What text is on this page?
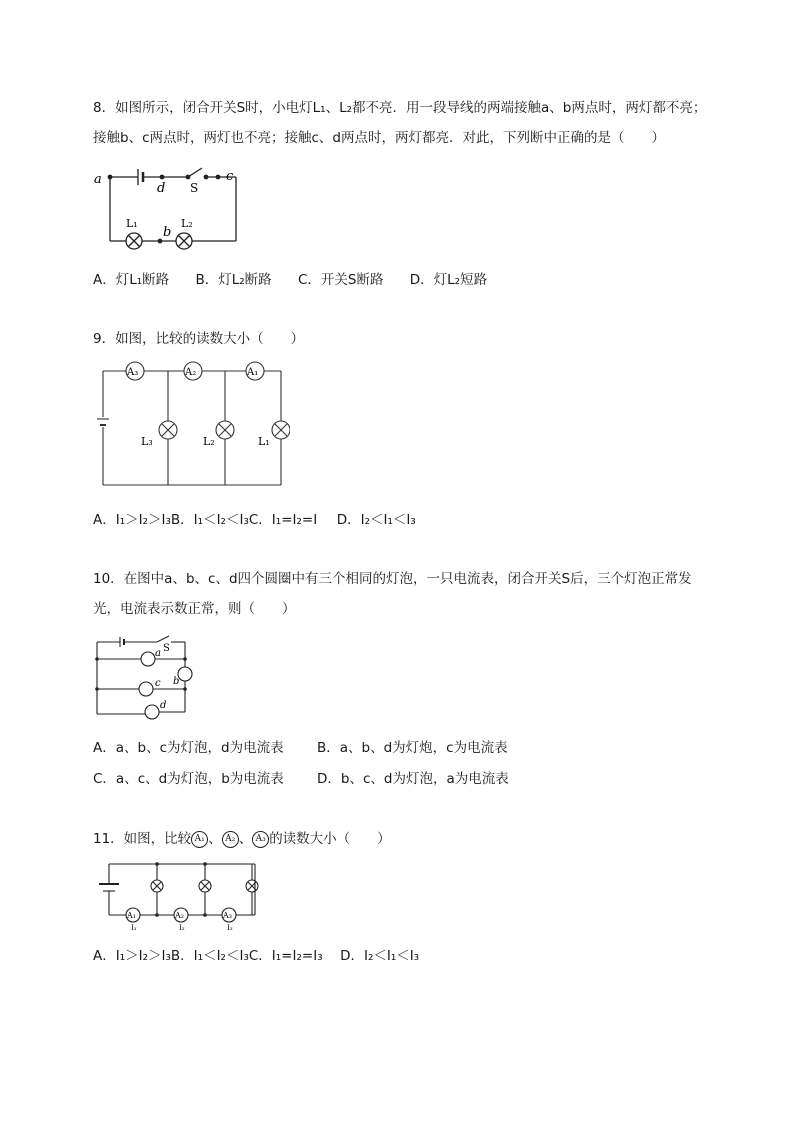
8．如图所示，闭合开关S时，小电灯L₁、L₂都不亮．用一段导线的两端接触a、b两点时，两灯都不亮；接触b、c两点时，两灯也不亮；接触c、d两点时，两灯都亮．对此，下列断中正确的是（　　）
a
d S
c
b
L₁	L₂
A．灯L₁断路 B．灯L₂断路 C．开关S断路 D．灯L₂短路
9．如图，比较的读数大小（　　）
A₃	A₂	A₁
L₃	L₂	L₁
A．I₁＞I₂＞I₃B．I₁＜I₂＜I₃C．I₁=I₂=I　 D．I₂＜I₁＜I₃
10．在图中a、b、c、d四个圆圈中有三个相同的灯泡，一只电流表，闭合开关S后，三个灯泡正常发光，电流表示数正常，则（　　）
S
a
b
c
d
A．a、b、c为灯泡，d为电流表 B．a、b、d为灯炮，c为电流表
C．a、c、d为灯泡，b为电流表 D．b、c、d为灯泡，a为电流表
11．如图，比较 A₁ 、 A₂ 、 A₃ 的读数大小（　　）
A₁	A₂	A₃
I₁	I₂	I₃
A．I₁＞I₂＞I₃B．I₁＜I₂＜I₃C．I₁=I₂=I₃　 D．I₂＜I₁＜I₃
